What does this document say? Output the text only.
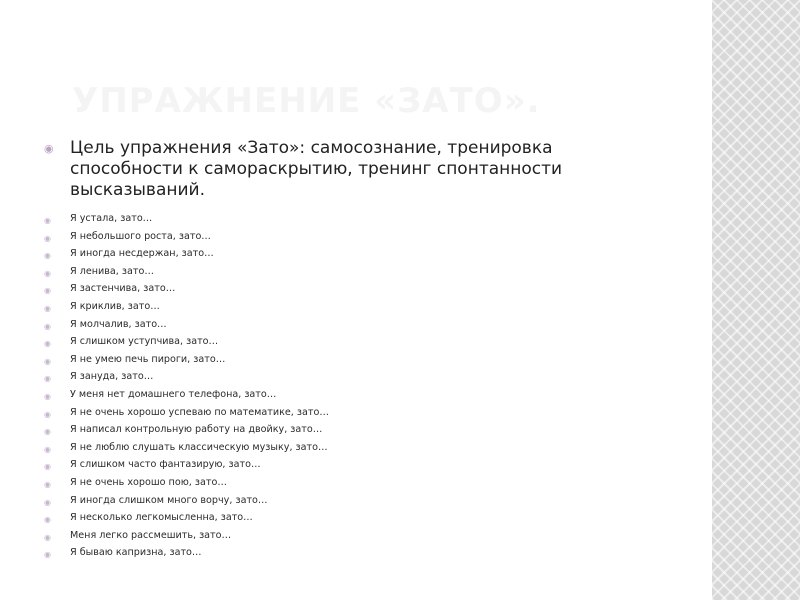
УПРАЖНЕНИЕ «ЗАТО».
◉ Цель упражнения «Зато»: самосознание, тренировка способности к самораскрытию, тренинг спонтанности высказываний.
◉ Я устала, зато…
◉ Я небольшого роста, зато…
◉ Я иногда несдержан, зато…
◉ Я ленива, зато…
◉ Я застенчива, зато…
◉ Я криклив, зато…
◉ Я молчалив, зато…
◉ Я слишком уступчива, зато…
◉ Я не умею печь пироги, зато…
◉ Я зануда, зато…
◉ У меня нет домашнего телефона, зато…
◉ Я не очень хорошо успеваю по математике, зато…
◉ Я написал контрольную работу на двойку, зато…
◉ Я не люблю слушать классическую музыку, зато…
◉ Я слишком часто фантазирую, зато…
◉ Я не очень хорошо пою, зато…
◉ Я иногда слишком много ворчу, зато…
◉ Я несколько легкомысленна, зато…
◉ Меня легко рассмешить, зато…
◉ Я бываю капризна, зато…
